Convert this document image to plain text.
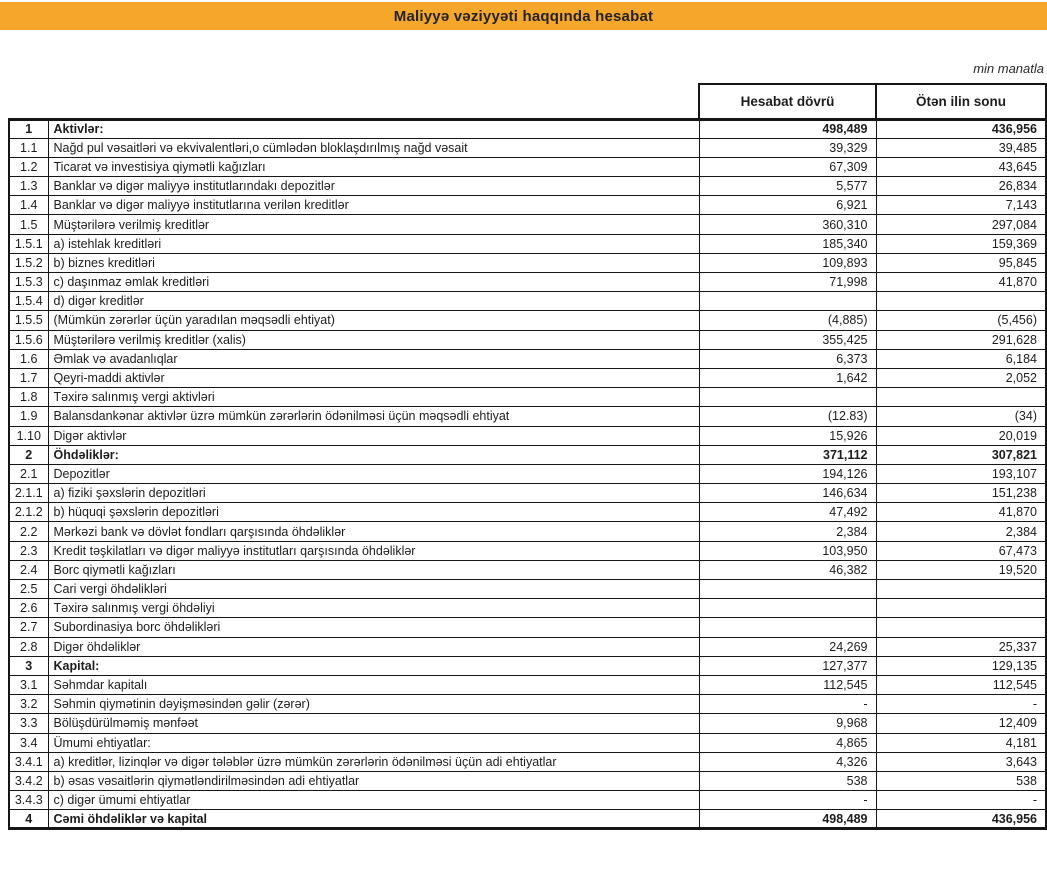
Maliyyə vəziyyəti haqqında hesabat
min manatla
		Hesabat dövrü	Ötən ilin sonu
1	Aktivlər:	498,489	436,956
1.1	Nağd pul vəsaitləri və ekvivalentləri,o cümlədən bloklaşdırılmış nağd vəsait	39,329	39,485
1.2	Ticarət və investisiya qiymətli kağızları	67,309	43,645
1.3	Banklar və digər maliyyə institutlarındakı depozitlər	5,577	26,834
1.4	Banklar və digər maliyyə institutlarına verilən kreditlər	6,921	7,143
1.5	Müştərilərə verilmiş kreditlər	360,310	297,084
1.5.1	a) istehlak kreditləri	185,340	159,369
1.5.2	b) biznes kreditləri	109,893	95,845
1.5.3	c) daşınmaz əmlak kreditləri	71,998	41,870
1.5.4	d) digər kreditlər		
1.5.5	(Mümkün zərərlər üçün yaradılan məqsədli ehtiyat)	(4,885)	(5,456)
1.5.6	Müştərilərə verilmiş kreditlər (xalis)	355,425	291,628
1.6	Əmlak və avadanlıqlar	6,373	6,184
1.7	Qeyri-maddi aktivlər	1,642	2,052
1.8	Təxirə salınmış vergi aktivləri		
1.9	Balansdankənar aktivlər üzrə mümkün zərərlərin ödənilməsi üçün məqsədli ehtiyat	(12.83)	(34)
1.10	Digər aktivlər	15,926	20,019
2	Öhdəliklər:	371,112	307,821
2.1	Depozitlər	194,126	193,107
2.1.1	a) fiziki şəxslərin depozitləri	146,634	151,238
2.1.2	b) hüquqi şəxslərin depozitləri	47,492	41,870
2.2	Mərkəzi bank və dövlət fondları qarşısında öhdəliklər	2,384	2,384
2.3	Kredit təşkilatları və digər maliyyə institutları qarşısında öhdəliklər	103,950	67,473
2.4	Borc qiymətli kağızları	46,382	19,520
2.5	Cari vergi öhdəlikləri		
2.6	Təxirə salınmış vergi öhdəliyi		
2.7	Subordinasiya borc öhdəlikləri		
2.8	Digər öhdəliklər	24,269	25,337
3	Kapital:	127,377	129,135
3.1	Səhmdar kapitalı	112,545	112,545
3.2	Səhmin qiymətinin dəyişməsindən gəlir (zərər)	-	-
3.3	Bölüşdürülməmiş mənfəət	9,968	12,409
3.4	Ümumi ehtiyatlar:	4,865	4,181
3.4.1	a) kreditlər, lizinqlər və digər tələblər üzrə mümkün zərərlərin ödənilməsi üçün adi ehtiyatlar	4,326	3,643
3.4.2	b) əsas vəsaitlərin qiymətləndirilməsindən adi ehtiyatlar	538	538
3.4.3	c) digər ümumi ehtiyatlar	-	-
4	Cəmi öhdəliklər və kapital	498,489	436,956
